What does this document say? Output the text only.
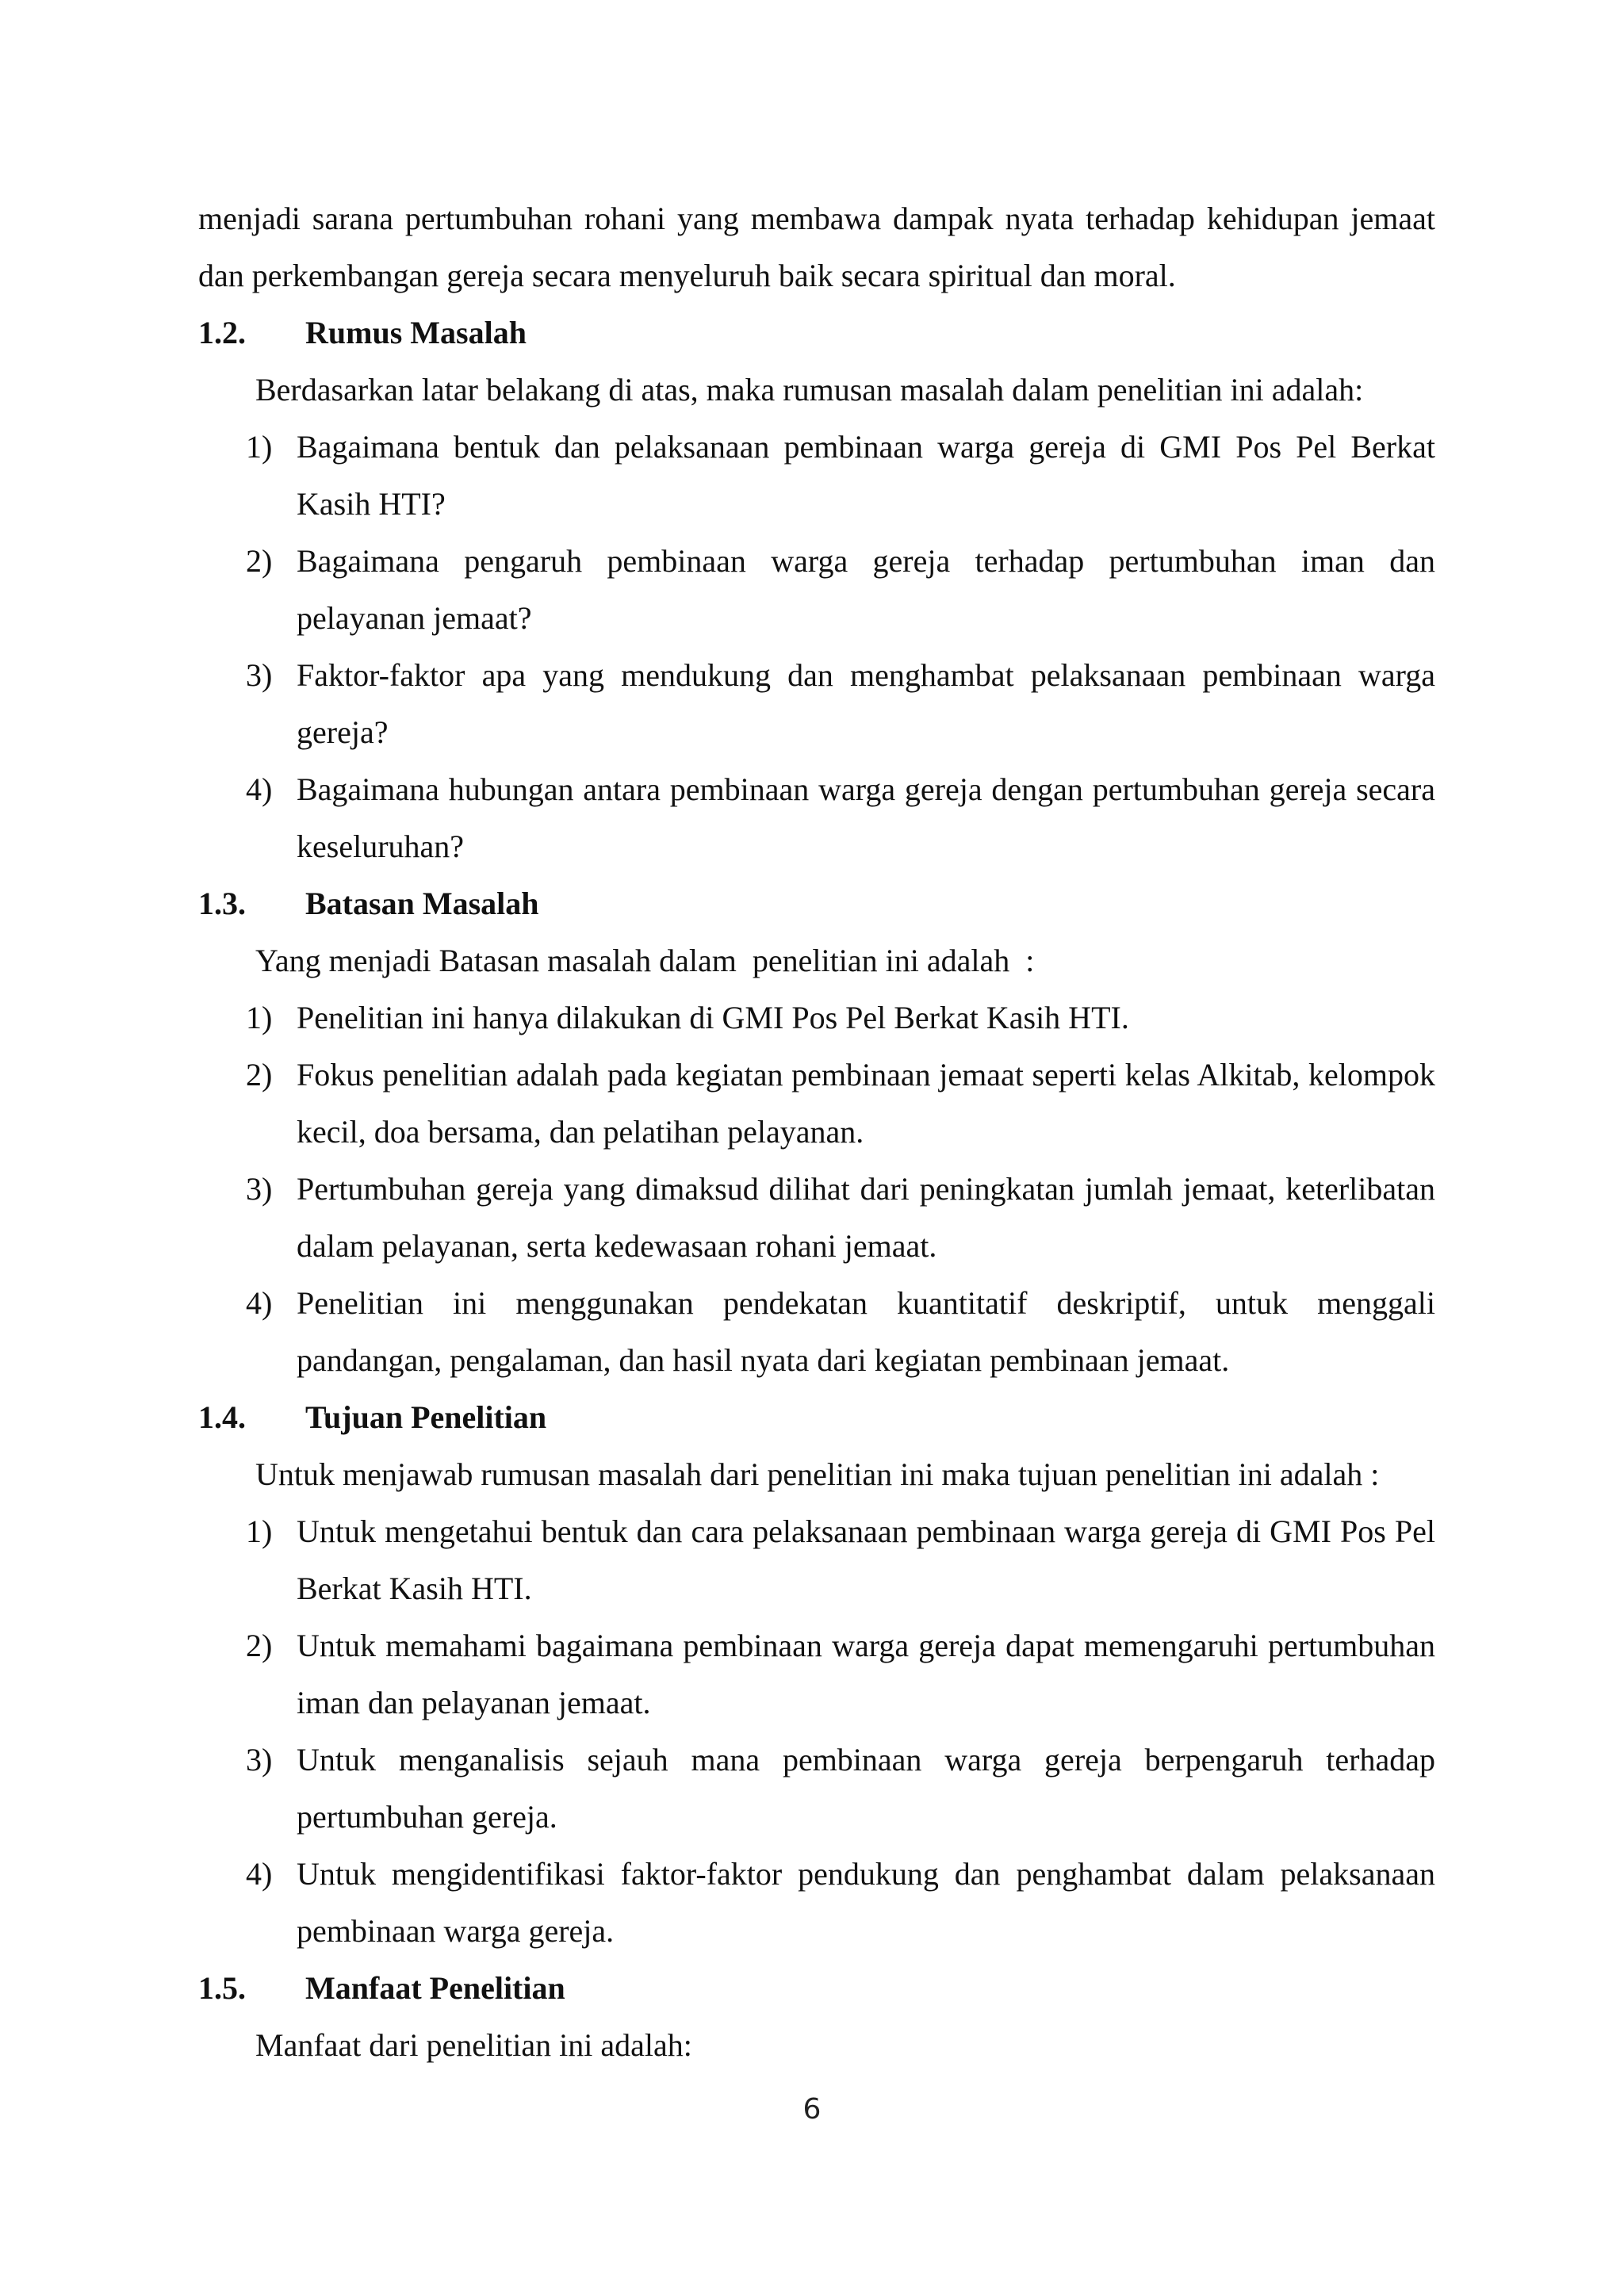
menjadi sarana pertumbuhan rohani yang membawa dampak nyata terhadap kehidupan jemaat dan perkembangan gereja secara menyeluruh baik secara spiritual dan moral.

1.2.	Rumus Masalah

Berdasarkan latar belakang di atas, maka rumusan masalah dalam penelitian ini adalah:

1) Bagaimana bentuk dan pelaksanaan pembinaan warga gereja di GMI Pos Pel Berkat Kasih HTI?
2) Bagaimana pengaruh pembinaan warga gereja terhadap pertumbuhan iman dan pelayanan jemaat?
3) Faktor-faktor apa yang mendukung dan menghambat pelaksanaan pembinaan warga gereja?
4) Bagaimana hubungan antara pembinaan warga gereja dengan pertumbuhan gereja secara keseluruhan?
1.3.	Batasan Masalah

Yang menjadi Batasan masalah dalam  penelitian ini adalah  :

1) Penelitian ini hanya dilakukan di GMI Pos Pel Berkat Kasih HTI.
2) Fokus penelitian adalah pada kegiatan pembinaan jemaat seperti kelas Alkitab, kelompok kecil, doa bersama, dan pelatihan pelayanan.
3) Pertumbuhan gereja yang dimaksud dilihat dari peningkatan jumlah jemaat, keterlibatan dalam pelayanan, serta kedewasaan rohani jemaat.
4) Penelitian ini menggunakan pendekatan kuantitatif deskriptif, untuk menggali pandangan, pengalaman, dan hasil nyata dari kegiatan pembinaan jemaat.
1.4.	Tujuan Penelitian

Untuk menjawab rumusan masalah dari penelitian ini maka tujuan penelitian ini adalah :

1) Untuk mengetahui bentuk dan cara pelaksanaan pembinaan warga gereja di GMI Pos Pel Berkat Kasih HTI.
2) Untuk memahami bagaimana pembinaan warga gereja dapat memengaruhi pertumbuhan iman dan pelayanan jemaat.
3) Untuk menganalisis sejauh mana pembinaan warga gereja berpengaruh terhadap pertumbuhan gereja.
4) Untuk mengidentifikasi faktor-faktor pendukung dan penghambat dalam pelaksanaan pembinaan warga gereja.
1.5.	Manfaat Penelitian

Manfaat dari penelitian ini adalah:

6
